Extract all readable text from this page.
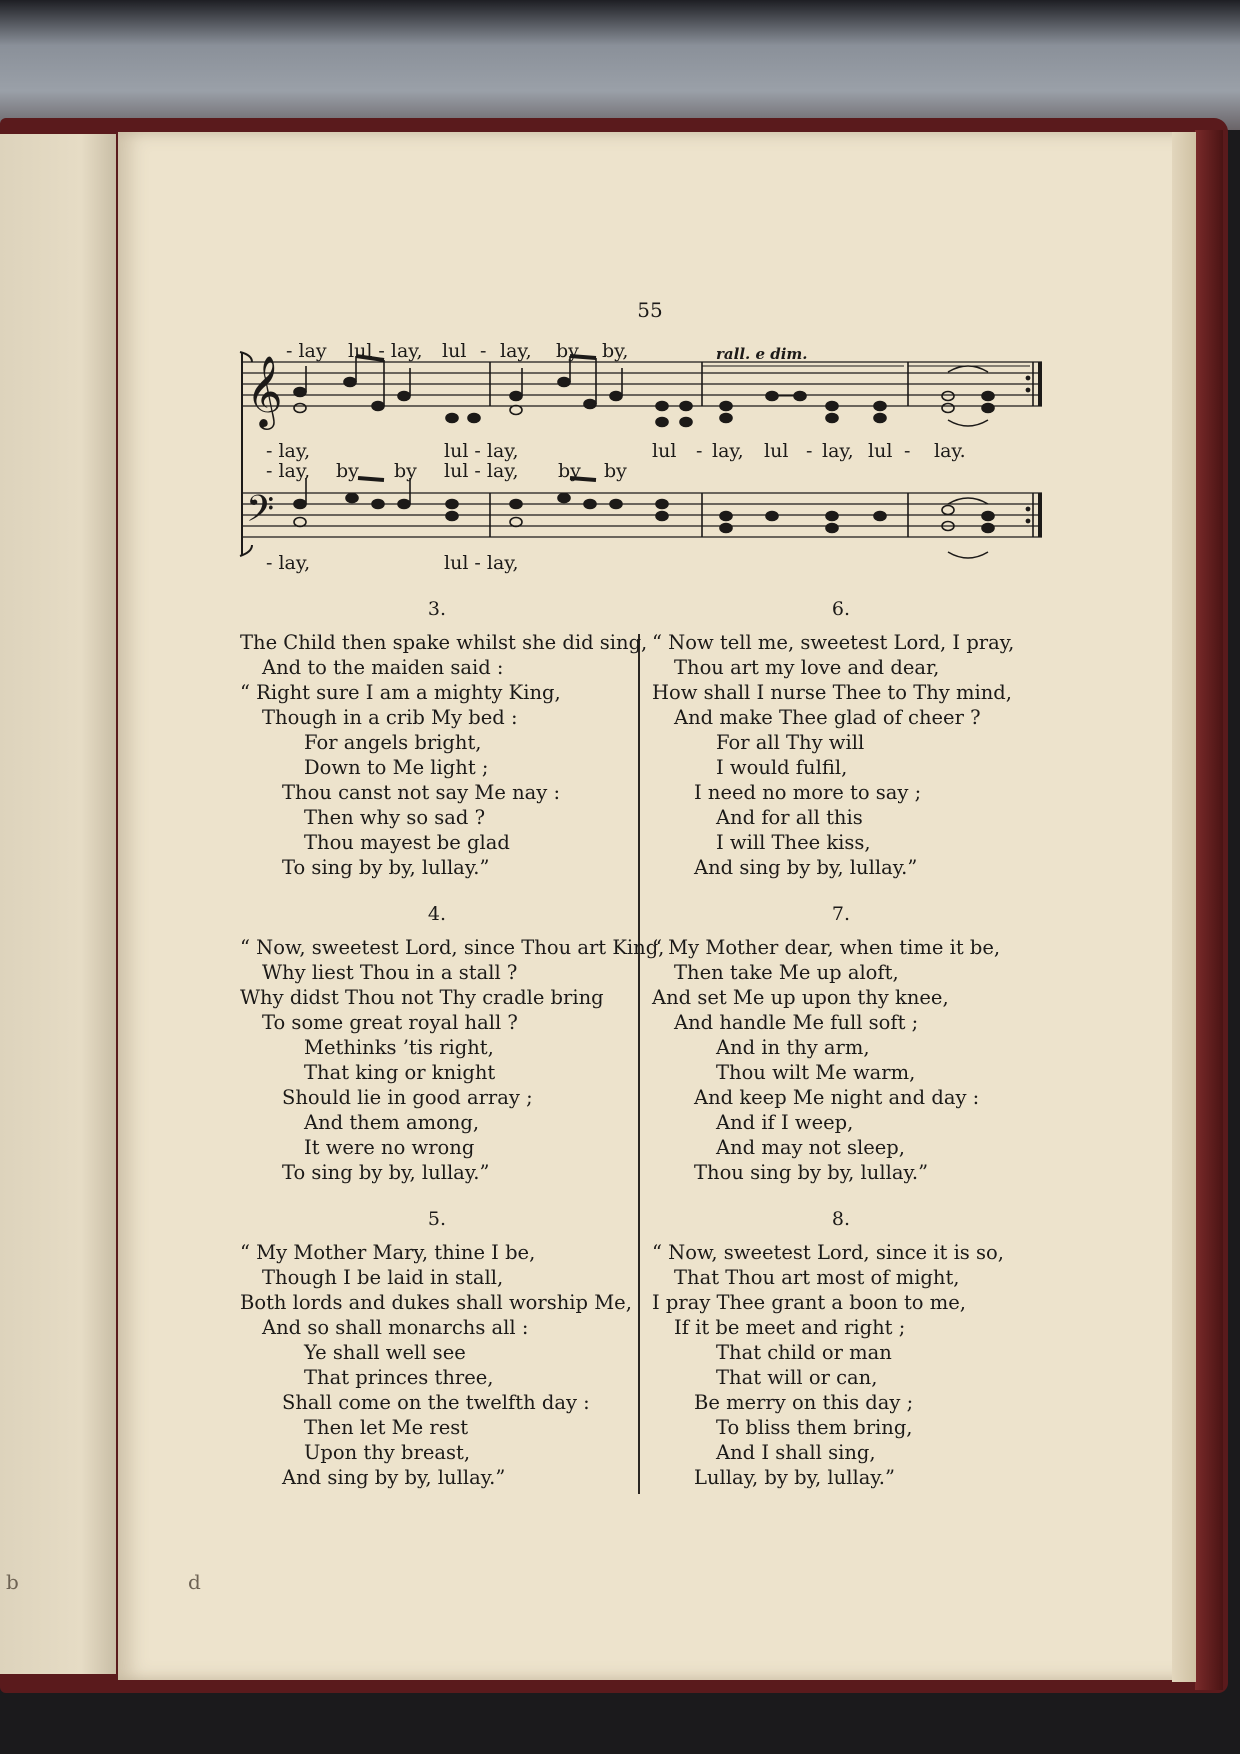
b	d
55
𝄞
𝄢
rall. e dim.
- lay lul - lay, lul - lay, by by,
- lay,	lul - lay,	lul - lay, lul - lay, lul - lay.
- lay, by by lul - lay, by by
- lay,	lul - lay,
3.
The Child then spake whilst she did sing,
And to the maiden said :
“ Right sure I am a mighty King,
Though in a crib My bed :
For angels bright,
Down to Me light ;
Thou canst not say Me nay :
Then why so sad ?
Thou mayest be glad
To sing by by, lullay.”
4.
“ Now, sweetest Lord, since Thou art King,
Why liest Thou in a stall ?
Why didst Thou not Thy cradle bring
To some great royal hall ?
Methinks ’tis right,
That king or knight
Should lie in good array ;
And them among,
It were no wrong
To sing by by, lullay.”
5.
“ My Mother Mary, thine I be,
Though I be laid in stall,
Both lords and dukes shall worship Me,
And so shall monarchs all :
Ye shall well see
That princes three,
Shall come on the twelfth day :
Then let Me rest
Upon thy breast,
And sing by by, lullay.”
6.
“ Now tell me, sweetest Lord, I pray,
Thou art my love and dear,
How shall I nurse Thee to Thy mind,
And make Thee glad of cheer ?
For all Thy will
I would fulfil,
I need no more to say ;
And for all this
I will Thee kiss,
And sing by by, lullay.”
7.
“ My Mother dear, when time it be,
Then take Me up aloft,
And set Me up upon thy knee,
And handle Me full soft ;
And in thy arm,
Thou wilt Me warm,
And keep Me night and day :
And if I weep,
And may not sleep,
Thou sing by by, lullay.”
8.
“ Now, sweetest Lord, since it is so,
That Thou art most of might,
I pray Thee grant a boon to me,
If it be meet and right ;
That child or man
That will or can,
Be merry on this day ;
To bliss them bring,
And I shall sing,
Lullay, by by, lullay.”
